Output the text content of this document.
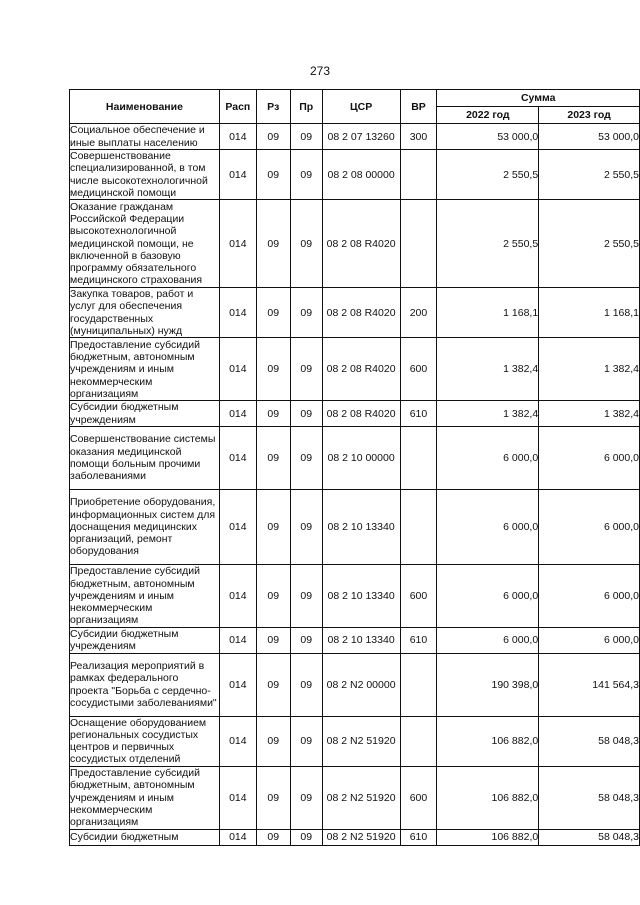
273
Наименование	Расп	Рз	Пр	ЦСР	ВР	Сумма	
						2022 год	2023 год
Социальное обеспечение и иные выплаты населению	014	09	09	08 2 07 13260	300	53 000,0	53 000,0
Совершенствование специализированной, в том числе высокотехнологичной медицинской помощи	014	09	09	08 2 08 00000		2 550,5	2 550,5
Оказание гражданам Российской Федерации высокотехнологичной медицинской помощи, не включенной в базовую программу обязательного медицинского страхования	014	09	09	08 2 08 R4020		2 550,5	2 550,5
Закупка товаров, работ и услуг для обеспечения государственных (муниципальных) нужд	014	09	09	08 2 08 R4020	200	1 168,1	1 168,1
Предоставление субсидий бюджетным, автономным учреждениям и иным некоммерческим организациям	014	09	09	08 2 08 R4020	600	1 382,4	1 382,4
Субсидии бюджетным учреждениям	014	09	09	08 2 08 R4020	610	1 382,4	1 382,4
Совершенствование системы оказания медицинской помощи больным прочими заболеваниями	014	09	09	08 2 10 00000		6 000,0	6 000,0
Приобретение оборудования, информационных систем для доснащения медицинских организаций, ремонт оборудования	014	09	09	08 2 10 13340		6 000,0	6 000,0
Предоставление субсидий бюджетным, автономным учреждениям и иным некоммерческим организациям	014	09	09	08 2 10 13340	600	6 000,0	6 000,0
Субсидии бюджетным учреждениям	014	09	09	08 2 10 13340	610	6 000,0	6 000,0
Реализация мероприятий в рамках федерального проекта "Борьба с сердечно-сосудистыми заболеваниями"	014	09	09	08 2 N2 00000		190 398,0	141 564,3
Оснащение оборудованием региональных сосудистых центров и первичных сосудистых отделений	014	09	09	08 2 N2 51920		106 882,0	58 048,3
Предоставление субсидий бюджетным, автономным учреждениям и иным некоммерческим организациям	014	09	09	08 2 N2 51920	600	106 882,0	58 048,3
Субсидии бюджетным	014	09	09	08 2 N2 51920	610	106 882,0	58 048,3
